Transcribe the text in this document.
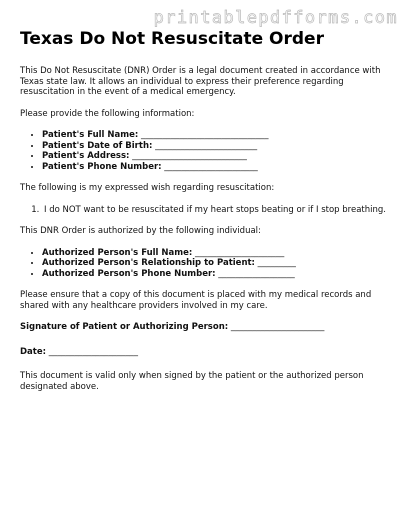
printablepdfforms.com
Texas Do Not Resuscitate Order

This Do Not Resuscitate (DNR) Order is a legal document created in accordance with Texas state law. It allows an individual to express their preference regarding resuscitation in the event of a medical emergency.

Please provide the following information:

• Patient's Full Name: ______________________________
• Patient's Date of Birth: ________________________
• Patient's Address: ___________________________
• Patient's Phone Number: ______________________

The following is my expressed wish regarding resuscitation:

1. I do NOT want to be resuscitated if my heart stops beating or if I stop breathing.

This DNR Order is authorized by the following individual:

• Authorized Person's Full Name: _____________________
• Authorized Person's Relationship to Patient: _________
• Authorized Person's Phone Number: __________________

Please ensure that a copy of this document is placed with my medical records and shared with any healthcare providers involved in my care.

Signature of Patient or Authorizing Person: ______________________
Date: _____________________

This document is valid only when signed by the patient or the authorized person designated above.
